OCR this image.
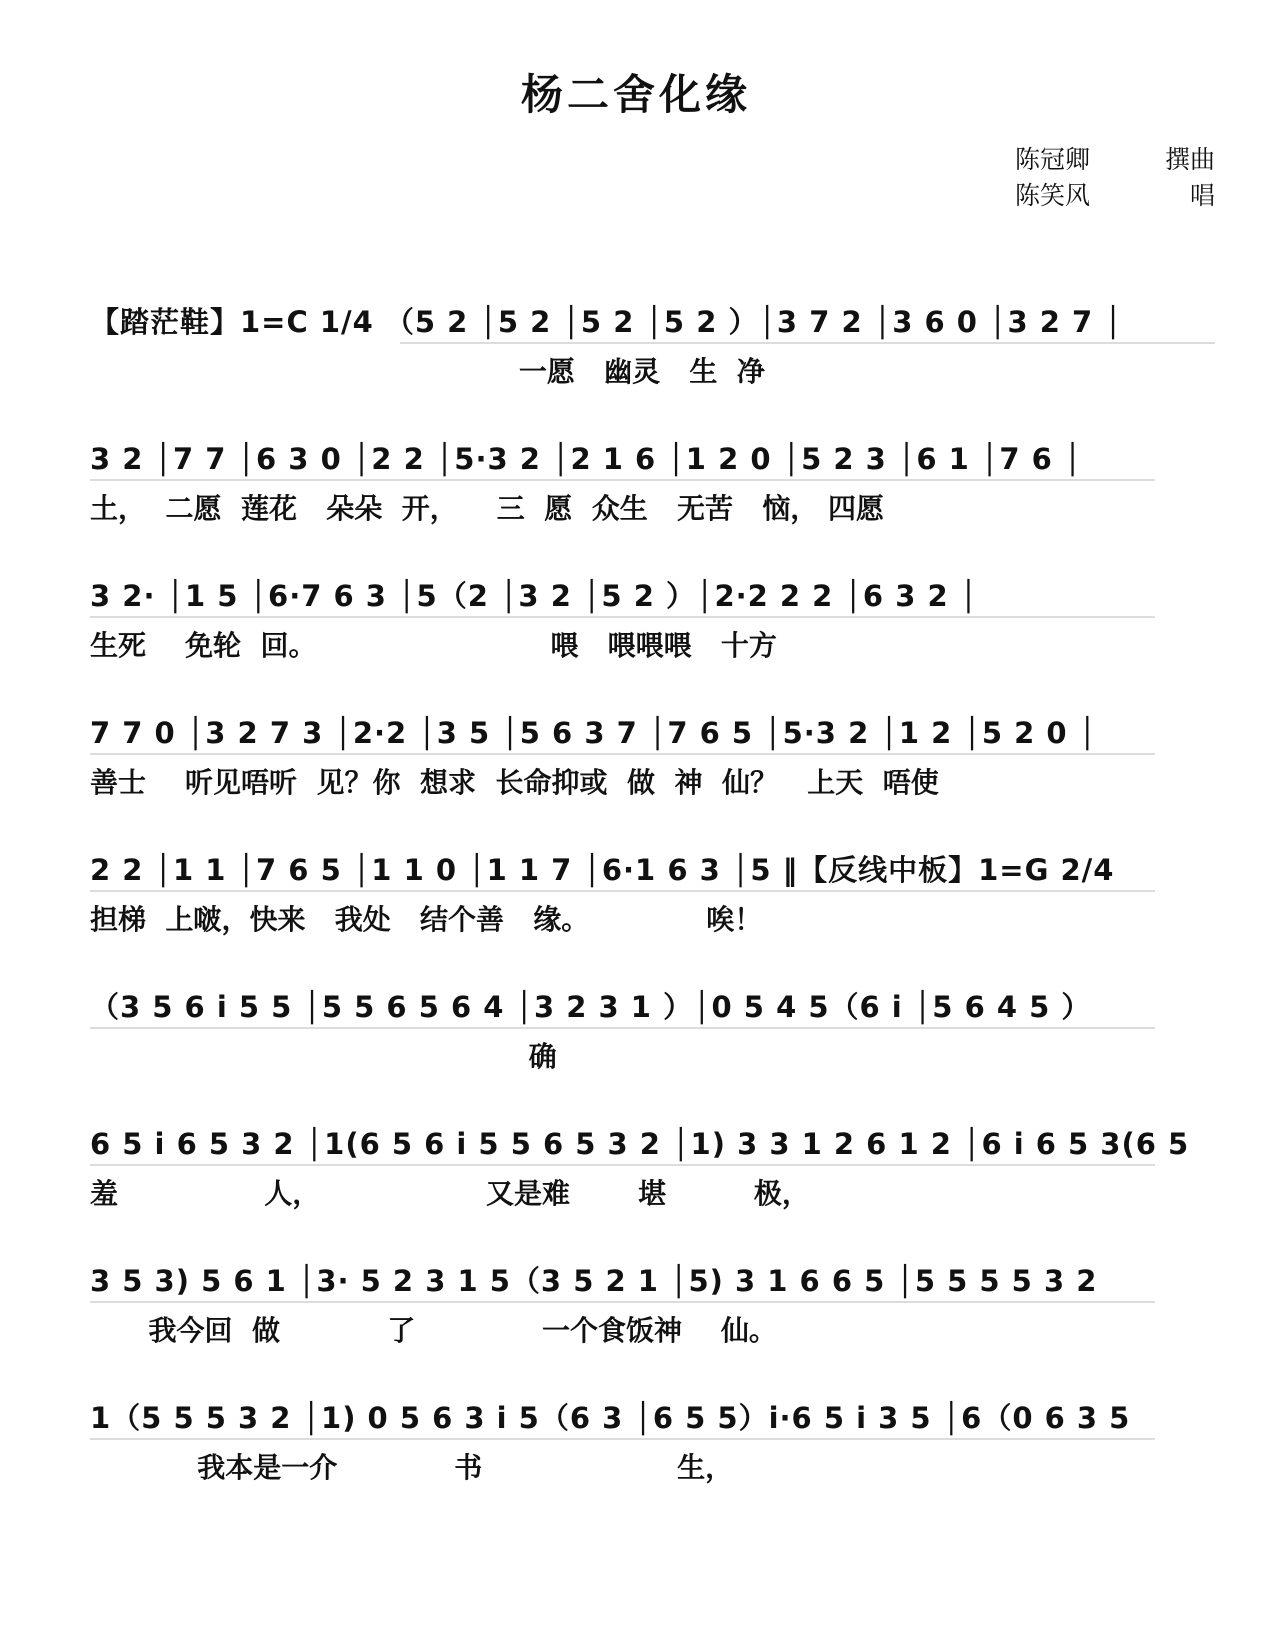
杨二舍化缘
陈冠卿	撰曲
陈笑风	唱
【踏茫鞋】1=C 1/4 （5 2 │5 2 │5 2 │5 2 ）│3 7 2 │3 6 0 │3 2 7 │
一愿   幽灵   生  净
3 2 │7 7 │6 3 0 │2 2 │5·3 2 │2 1 6 │1 2 0 │5 2 3 │6 1 │7 6 │
土，  二愿  莲花   朵朵  开，    三  愿  众生   无苦   恼， 四愿
3 2· │1 5 │6·7 6 3 │5（2 │3 2 │5 2 ）│2·2 2 2 │6 3 2 │
生死    免轮  回。                        喂   喂喂喂   十方
7 7 0 │3 2 7 3 │2·2 │3 5 │5 6 3 7 │7 6 5 │5·3 2 │1 2 │5 2 0 │
善士    听见唔听  见？你  想求  长命抑或  做  神  仙？   上天  唔使
2 2 │1 1 │7 6 5 │1 1 0 │1 1 7 │6·1 6 3 │5 ‖【反线中板】1=G 2/4
担梯  上啵，快来   我处   结个善   缘。            唉！
（3 5 6 i 5 5 │5 5 6 5 6 4 │3 2 3 1 ）│0 5 4 5（6 i │5 6 4 5 ）
确
6 5 i 6 5 3 2 │1(6 5 6 i 5 5 6 5 3 2 │1) 3 3 1 2 6 1 2 │6 i 6 5 3(6 5
羞               人，                 又是难       堪         极，
3 5 3) 5 6 1 │3· 5 2 3 1 5（3 5 2 1 │5) 3 1 6 6 5 │5 5 5 5 3 2
我今回  做           了             一个食饭神    仙。
1（5 5 5 3 2 │1) 0 5 6 3 i 5（6 3 │6 5 5）i·6 5 i 3 5 │6（0 6 3 5
我本是一介            书                    生，
